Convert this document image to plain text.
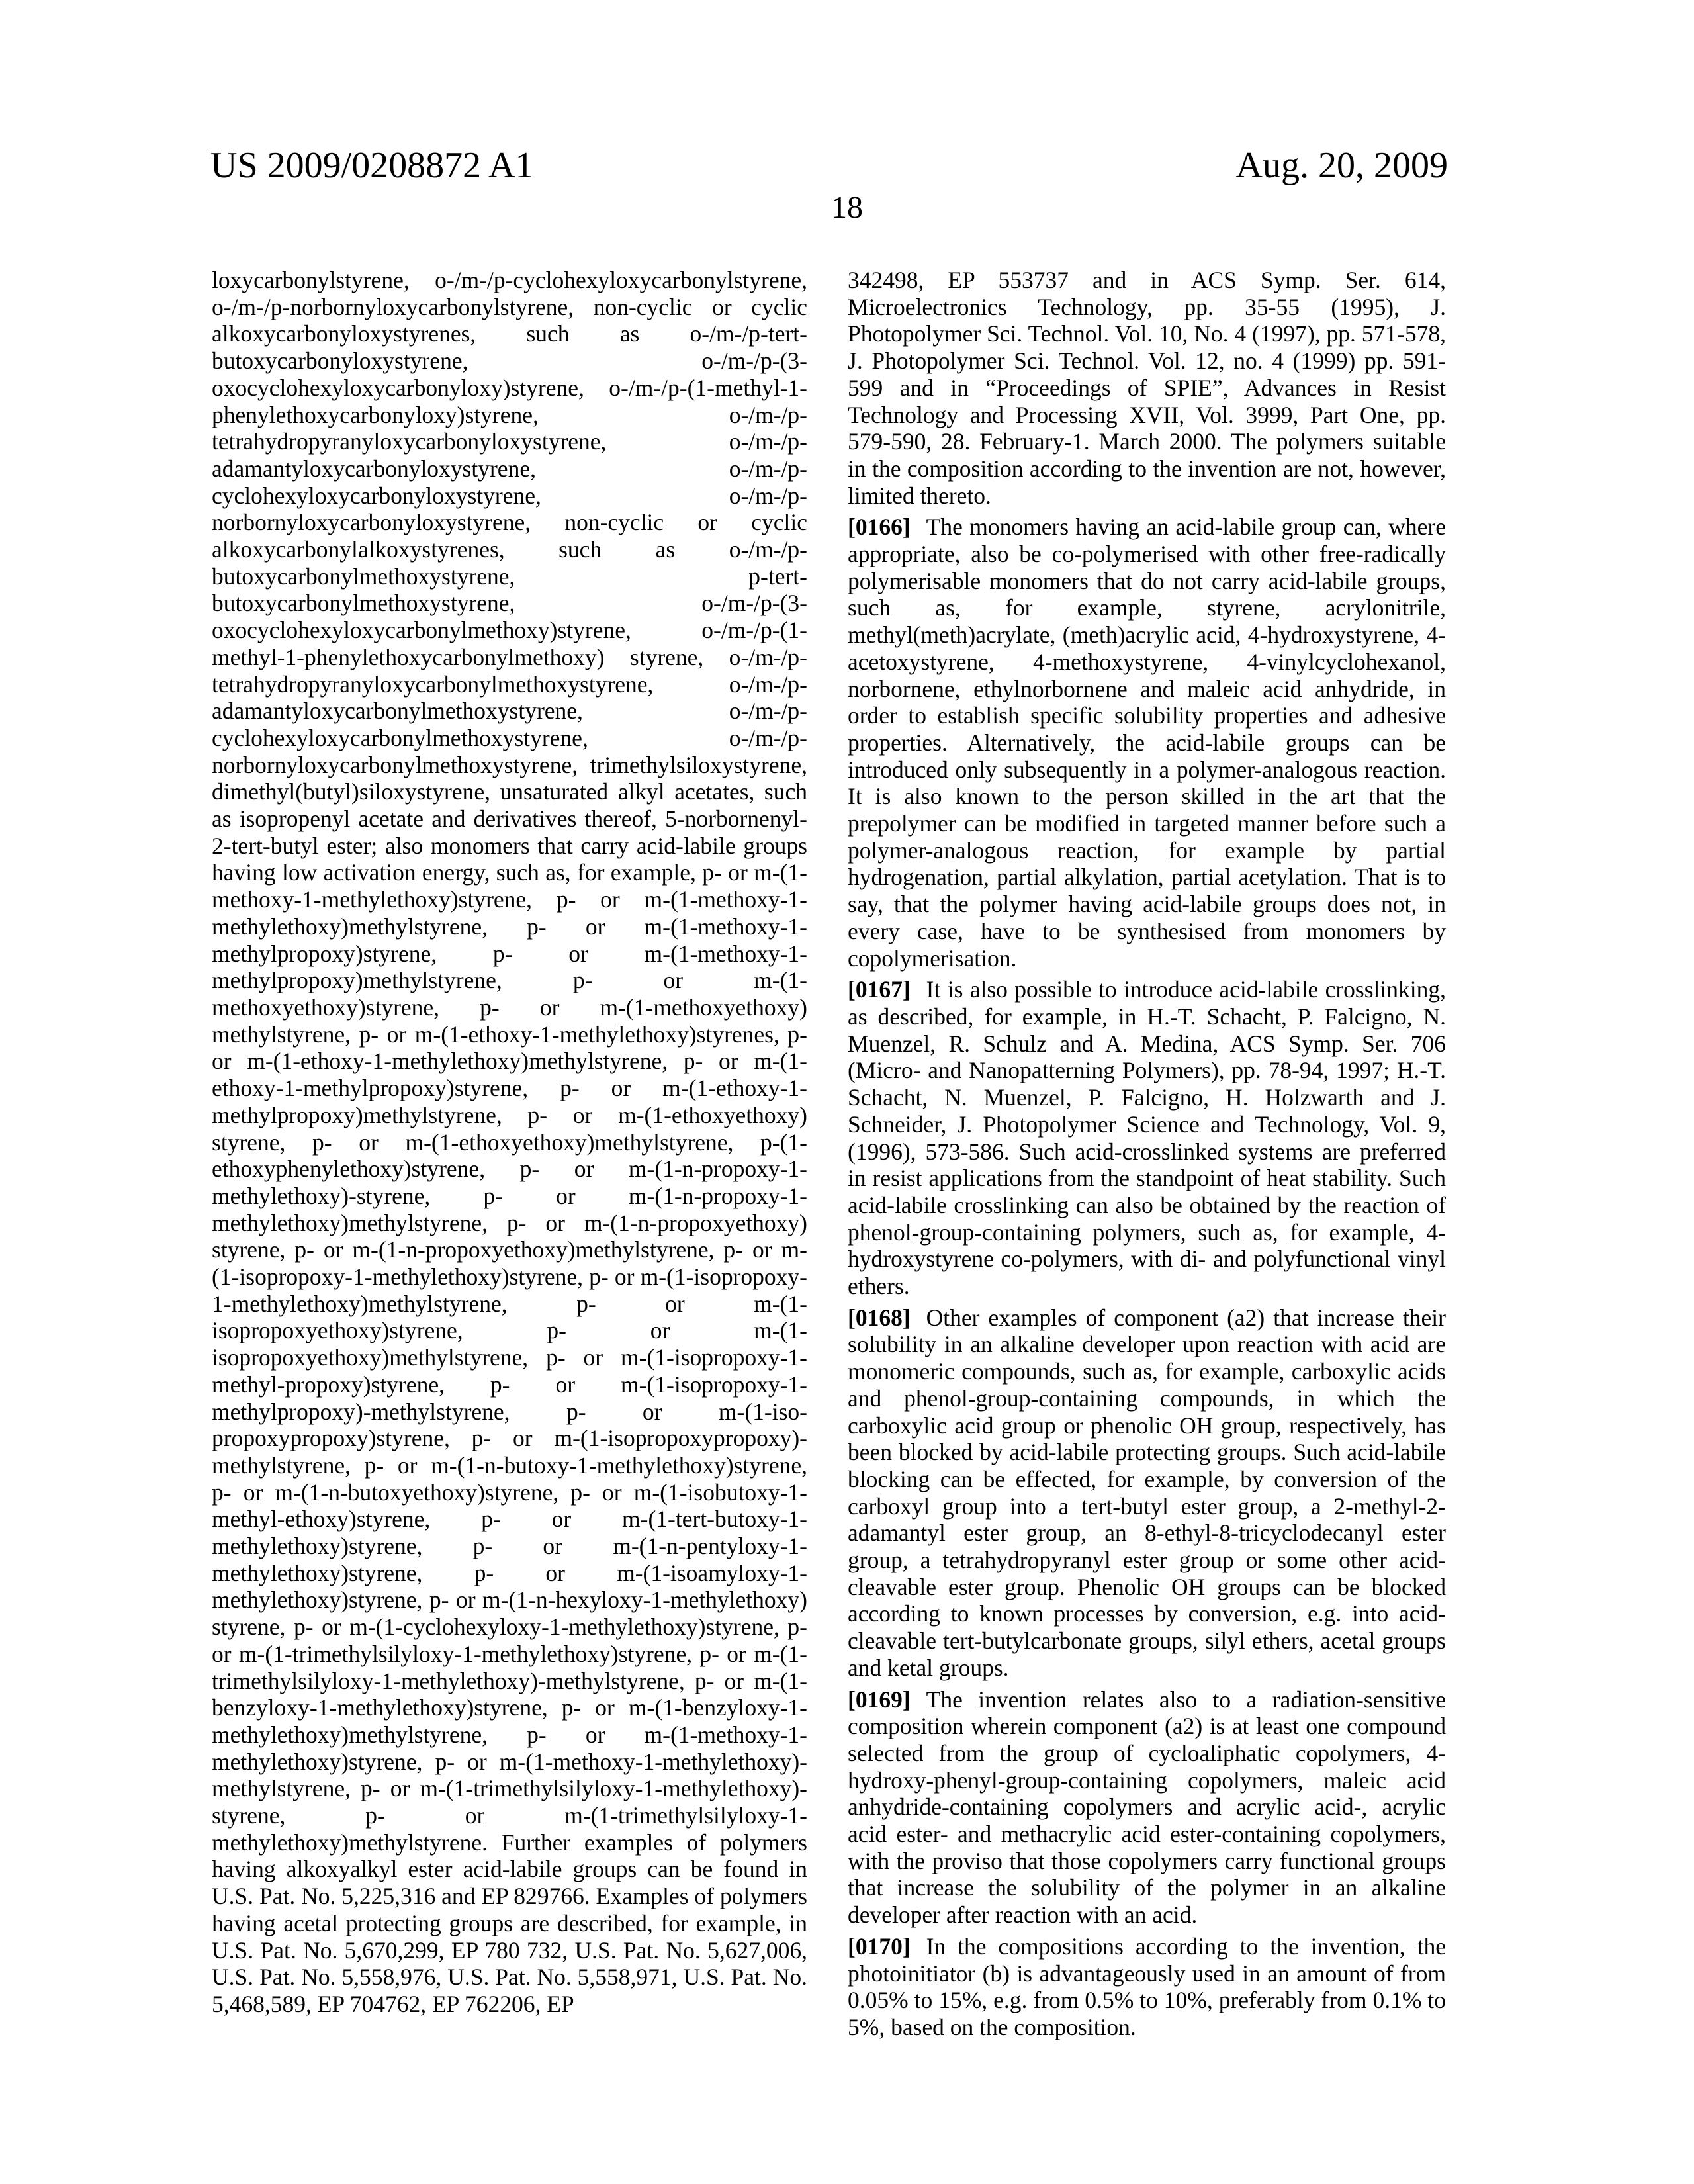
US 2009/0208872 A1	Aug. 20, 2009
18

loxycarbonylstyrene, o-/m-/p-cyclohexyloxycarbonylstyrene, o-/m-/p-norbornyloxycarbonylstyrene, non-cyclic or cyclic alkoxycarbonyloxystyrenes, such as o-/m-/p-tert-butoxycarbonyloxystyrene, o-/m-/p-(3-oxocyclohexyloxycarbonyloxy)styrene, o-/m-/p-(1-methyl-1-phenylethoxycarbonyloxy)styrene, o-/m-/p-tetrahydropyranyloxycarbonyloxystyrene, o-/m-/p-adamantyloxycarbonyloxystyrene, o-/m-/p-cyclohexyloxycarbonyloxystyrene, o-/m-/p-norbornyloxycarbonyloxystyrene, non-cyclic or cyclic alkoxycarbonylalkoxystyrenes, such as o-/m-/p-butoxycarbonylmethoxystyrene, p-tert-butoxycarbonylmethoxystyrene, o-/m-/p-(3-oxocyclohexyloxycarbonylmethoxy)styrene, o-/m-/p-(1-methyl-1-phenylethoxycarbonylmethoxy) styrene, o-/m-/p-tetrahydropyranyloxycarbonylmethoxystyrene, o-/m-/p-adamantyloxycarbonylmethoxystyrene, o-/m-/p-cyclohexyloxycarbonylmethoxystyrene, o-/m-/p-norbornyloxycarbonylmethoxystyrene, trimethylsiloxystyrene, dimethyl(butyl)siloxystyrene, unsaturated alkyl acetates, such as isopropenyl acetate and derivatives thereof, 5-norbornenyl-2-tert-butyl ester; also monomers that carry acid-labile groups having low activation energy, such as, for example, p- or m-(1-methoxy-1-methylethoxy)styrene, p- or m-(1-methoxy-1-methylethoxy)methylstyrene, p- or m-(1-methoxy-1-methylpropoxy)styrene, p- or m-(1-methoxy-1-methylpropoxy)methylstyrene, p- or m-(1-methoxyethoxy)styrene, p- or m-(1-methoxyethoxy) methylstyrene, p- or m-(1-ethoxy-1-methylethoxy)styrenes, p- or m-(1-ethoxy-1-methylethoxy)methylstyrene, p- or m-(1-ethoxy-1-methylpropoxy)styrene, p- or m-(1-ethoxy-1-methylpropoxy)methylstyrene, p- or m-(1-ethoxyethoxy) styrene, p- or m-(1-ethoxyethoxy)methylstyrene, p-(1-ethoxyphenylethoxy)styrene, p- or m-(1-n-propoxy-1-methylethoxy)-styrene, p- or m-(1-n-propoxy-1-methylethoxy)methylstyrene, p- or m-(1-n-propoxyethoxy) styrene, p- or m-(1-n-propoxyethoxy)methylstyrene, p- or m-(1-isopropoxy-1-methylethoxy)styrene, p- or m-(1-isopropoxy-1-methylethoxy)methylstyrene, p- or m-(1-isopropoxyethoxy)styrene, p- or m-(1-isopropoxyethoxy)methylstyrene, p- or m-(1-isopropoxy-1-methyl-propoxy)styrene, p- or m-(1-isopropoxy-1-methylpropoxy)-methylstyrene, p- or m-(1-iso-propoxypropoxy)styrene, p- or m-(1-isopropoxypropoxy)-methylstyrene, p- or m-(1-n-butoxy-1-methylethoxy)styrene, p- or m-(1-n-butoxyethoxy)styrene, p- or m-(1-isobutoxy-1-methyl-ethoxy)styrene, p- or m-(1-tert-butoxy-1-methylethoxy)styrene, p- or m-(1-n-pentyloxy-1-methylethoxy)styrene, p- or m-(1-isoamyloxy-1-methylethoxy)styrene, p- or m-(1-n-hexyloxy-1-methylethoxy) styrene, p- or m-(1-cyclohexyloxy-1-methylethoxy)styrene, p- or m-(1-trimethylsilyloxy-1-methylethoxy)styrene, p- or m-(1-trimethylsilyloxy-1-methylethoxy)-methylstyrene, p- or m-(1-benzyloxy-1-methylethoxy)styrene, p- or m-(1-benzyloxy-1-methylethoxy)methylstyrene, p- or m-(1-methoxy-1-methylethoxy)styrene, p- or m-(1-methoxy-1-methylethoxy)-methylstyrene, p- or m-(1-trimethylsilyloxy-1-methylethoxy)-styrene, p- or m-(1-trimethylsilyloxy-1-methylethoxy)methylstyrene. Further examples of polymers having alkoxyalkyl ester acid-labile groups can be found in U.S. Pat. No. 5,225,316 and EP 829766. Examples of polymers having acetal protecting groups are described, for example, in U.S. Pat. No. 5,670,299, EP 780 732, U.S. Pat. No. 5,627,006, U.S. Pat. No. 5,558,976, U.S. Pat. No. 5,558,971, U.S. Pat. No. 5,468,589, EP 704762, EP 762206, EP

342498, EP 553737 and in ACS Symp. Ser. 614, Microelectronics Technology, pp. 35-55 (1995), J. Photopolymer Sci. Technol. Vol. 10, No. 4 (1997), pp. 571-578, J. Photopolymer Sci. Technol. Vol. 12, no. 4 (1999) pp. 591-599 and in “Proceedings of SPIE”, Advances in Resist Technology and Processing XVII, Vol. 3999, Part One, pp. 579-590, 28. February-1. March 2000. The polymers suitable in the composition according to the invention are not, however, limited thereto.

[0166] The monomers having an acid-labile group can, where appropriate, also be co-polymerised with other free-radically polymerisable monomers that do not carry acid-labile groups, such as, for example, styrene, acrylonitrile, methyl(meth)acrylate, (meth)acrylic acid, 4-hydroxystyrene, 4-acetoxystyrene, 4-methoxystyrene, 4-vinylcyclohexanol, norbornene, ethylnorbornene and maleic acid anhydride, in order to establish specific solubility properties and adhesive properties. Alternatively, the acid-labile groups can be introduced only subsequently in a polymer-analogous reaction. It is also known to the person skilled in the art that the prepolymer can be modified in targeted manner before such a polymer-analogous reaction, for example by partial hydrogenation, partial alkylation, partial acetylation. That is to say, that the polymer having acid-labile groups does not, in every case, have to be synthesised from monomers by copolymerisation.

[0167] It is also possible to introduce acid-labile crosslinking, as described, for example, in H.-T. Schacht, P. Falcigno, N. Muenzel, R. Schulz and A. Medina, ACS Symp. Ser. 706 (Micro- and Nanopatterning Polymers), pp. 78-94, 1997; H.-T. Schacht, N. Muenzel, P. Falcigno, H. Holzwarth and J. Schneider, J. Photopolymer Science and Technology, Vol. 9, (1996), 573-586. Such acid-crosslinked systems are preferred in resist applications from the standpoint of heat stability. Such acid-labile crosslinking can also be obtained by the reaction of phenol-group-containing polymers, such as, for example, 4-hydroxystyrene co-polymers, with di- and polyfunctional vinyl ethers.

[0168] Other examples of component (a2) that increase their solubility in an alkaline developer upon reaction with acid are monomeric compounds, such as, for example, carboxylic acids and phenol-group-containing compounds, in which the carboxylic acid group or phenolic OH group, respectively, has been blocked by acid-labile protecting groups. Such acid-labile blocking can be effected, for example, by conversion of the carboxyl group into a tert-butyl ester group, a 2-methyl-2-adamantyl ester group, an 8-ethyl-8-tricyclodecanyl ester group, a tetrahydropyranyl ester group or some other acid-cleavable ester group. Phenolic OH groups can be blocked according to known processes by conversion, e.g. into acid-cleavable tert-butylcarbonate groups, silyl ethers, acetal groups and ketal groups.

[0169] The invention relates also to a radiation-sensitive composition wherein component (a2) is at least one compound selected from the group of cycloaliphatic copolymers, 4-hydroxy-phenyl-group-containing copolymers, maleic acid anhydride-containing copolymers and acrylic acid-, acrylic acid ester- and methacrylic acid ester-containing copolymers, with the proviso that those copolymers carry functional groups that increase the solubility of the polymer in an alkaline developer after reaction with an acid.

[0170] In the compositions according to the invention, the photoinitiator (b) is advantageously used in an amount of from 0.05% to 15%, e.g. from 0.5% to 10%, preferably from 0.1% to 5%, based on the composition.
